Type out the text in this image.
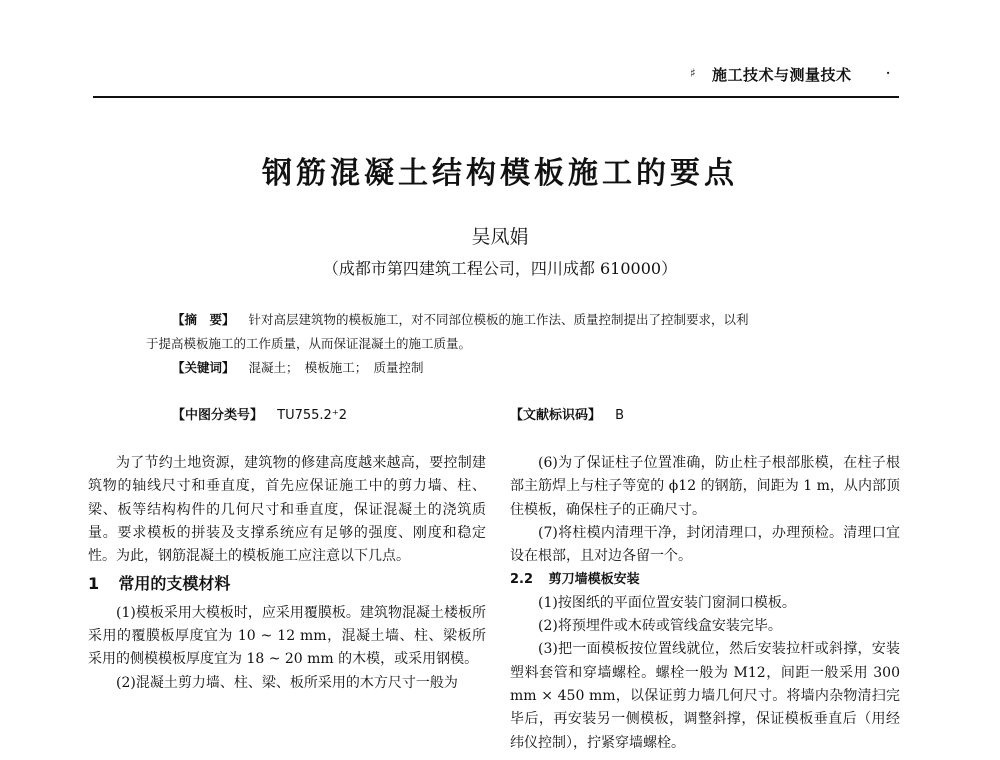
♯ 施工技术与测量技术	·
钢筋混凝土结构模板施工的要点
吴凤娟
（成都市第四建筑工程公司，四川成都 610000）
【摘　要】 针对高层建筑物的模板施工，对不同部位模板的施工作法、质量控制提出了控制要求，以利
于提高模板施工的工作质量，从而保证混凝土的施工质量。
【关键词】 混凝土；　模板施工；　质量控制
【中图分类号】 TU755.2⁺2	【文献标识码】 B

为了节约土地资源，建筑物的修建高度越来越高，要控制建筑物的轴线尺寸和垂直度，首先应保证施工中的剪力墙、柱、梁、板等结构构件的几何尺寸和垂直度，保证混凝土的浇筑质量。要求模板的拼装及支撑系统应有足够的强度、刚度和稳定性。为此，钢筋混凝土的模板施工应注意以下几点。

1 常用的支模材料

(1)模板采用大模板时，应采用覆膜板。建筑物混凝土楼板所采用的覆膜板厚度宜为 10 ~ 12 mm，混凝土墙、柱、梁板所采用的侧模模板厚度宜为 18 ~ 20 mm 的木模，或采用钢模。

(2)混凝土剪力墙、柱、梁、板所采用的木方尺寸一般为

(6)为了保证柱子位置准确，防止柱子根部胀模，在柱子根部主筋焊上与柱子等宽的 ϕ12 的钢筋，间距为 1 m，从内部顶住模板，确保柱子的正确尺寸。

(7)将柱模内清理干净，封闭清理口，办理预检。清理口宜设在根部，且对边各留一个。

2.2 剪刀墙模板安装

(1)按图纸的平面位置安装门窗洞口模板。

(2)将预埋件或木砖或管线盒安装完毕。

(3)把一面模板按位置线就位，然后安装拉杆或斜撑，安装塑料套管和穿墙螺栓。螺栓一般为 M12，间距一般采用 300 mm × 450 mm，以保证剪力墙几何尺寸。将墙内杂物清扫完毕后，再安装另一侧模板，调整斜撑，保证模板垂直后（用经纬仪控制），拧紧穿墙螺栓。
